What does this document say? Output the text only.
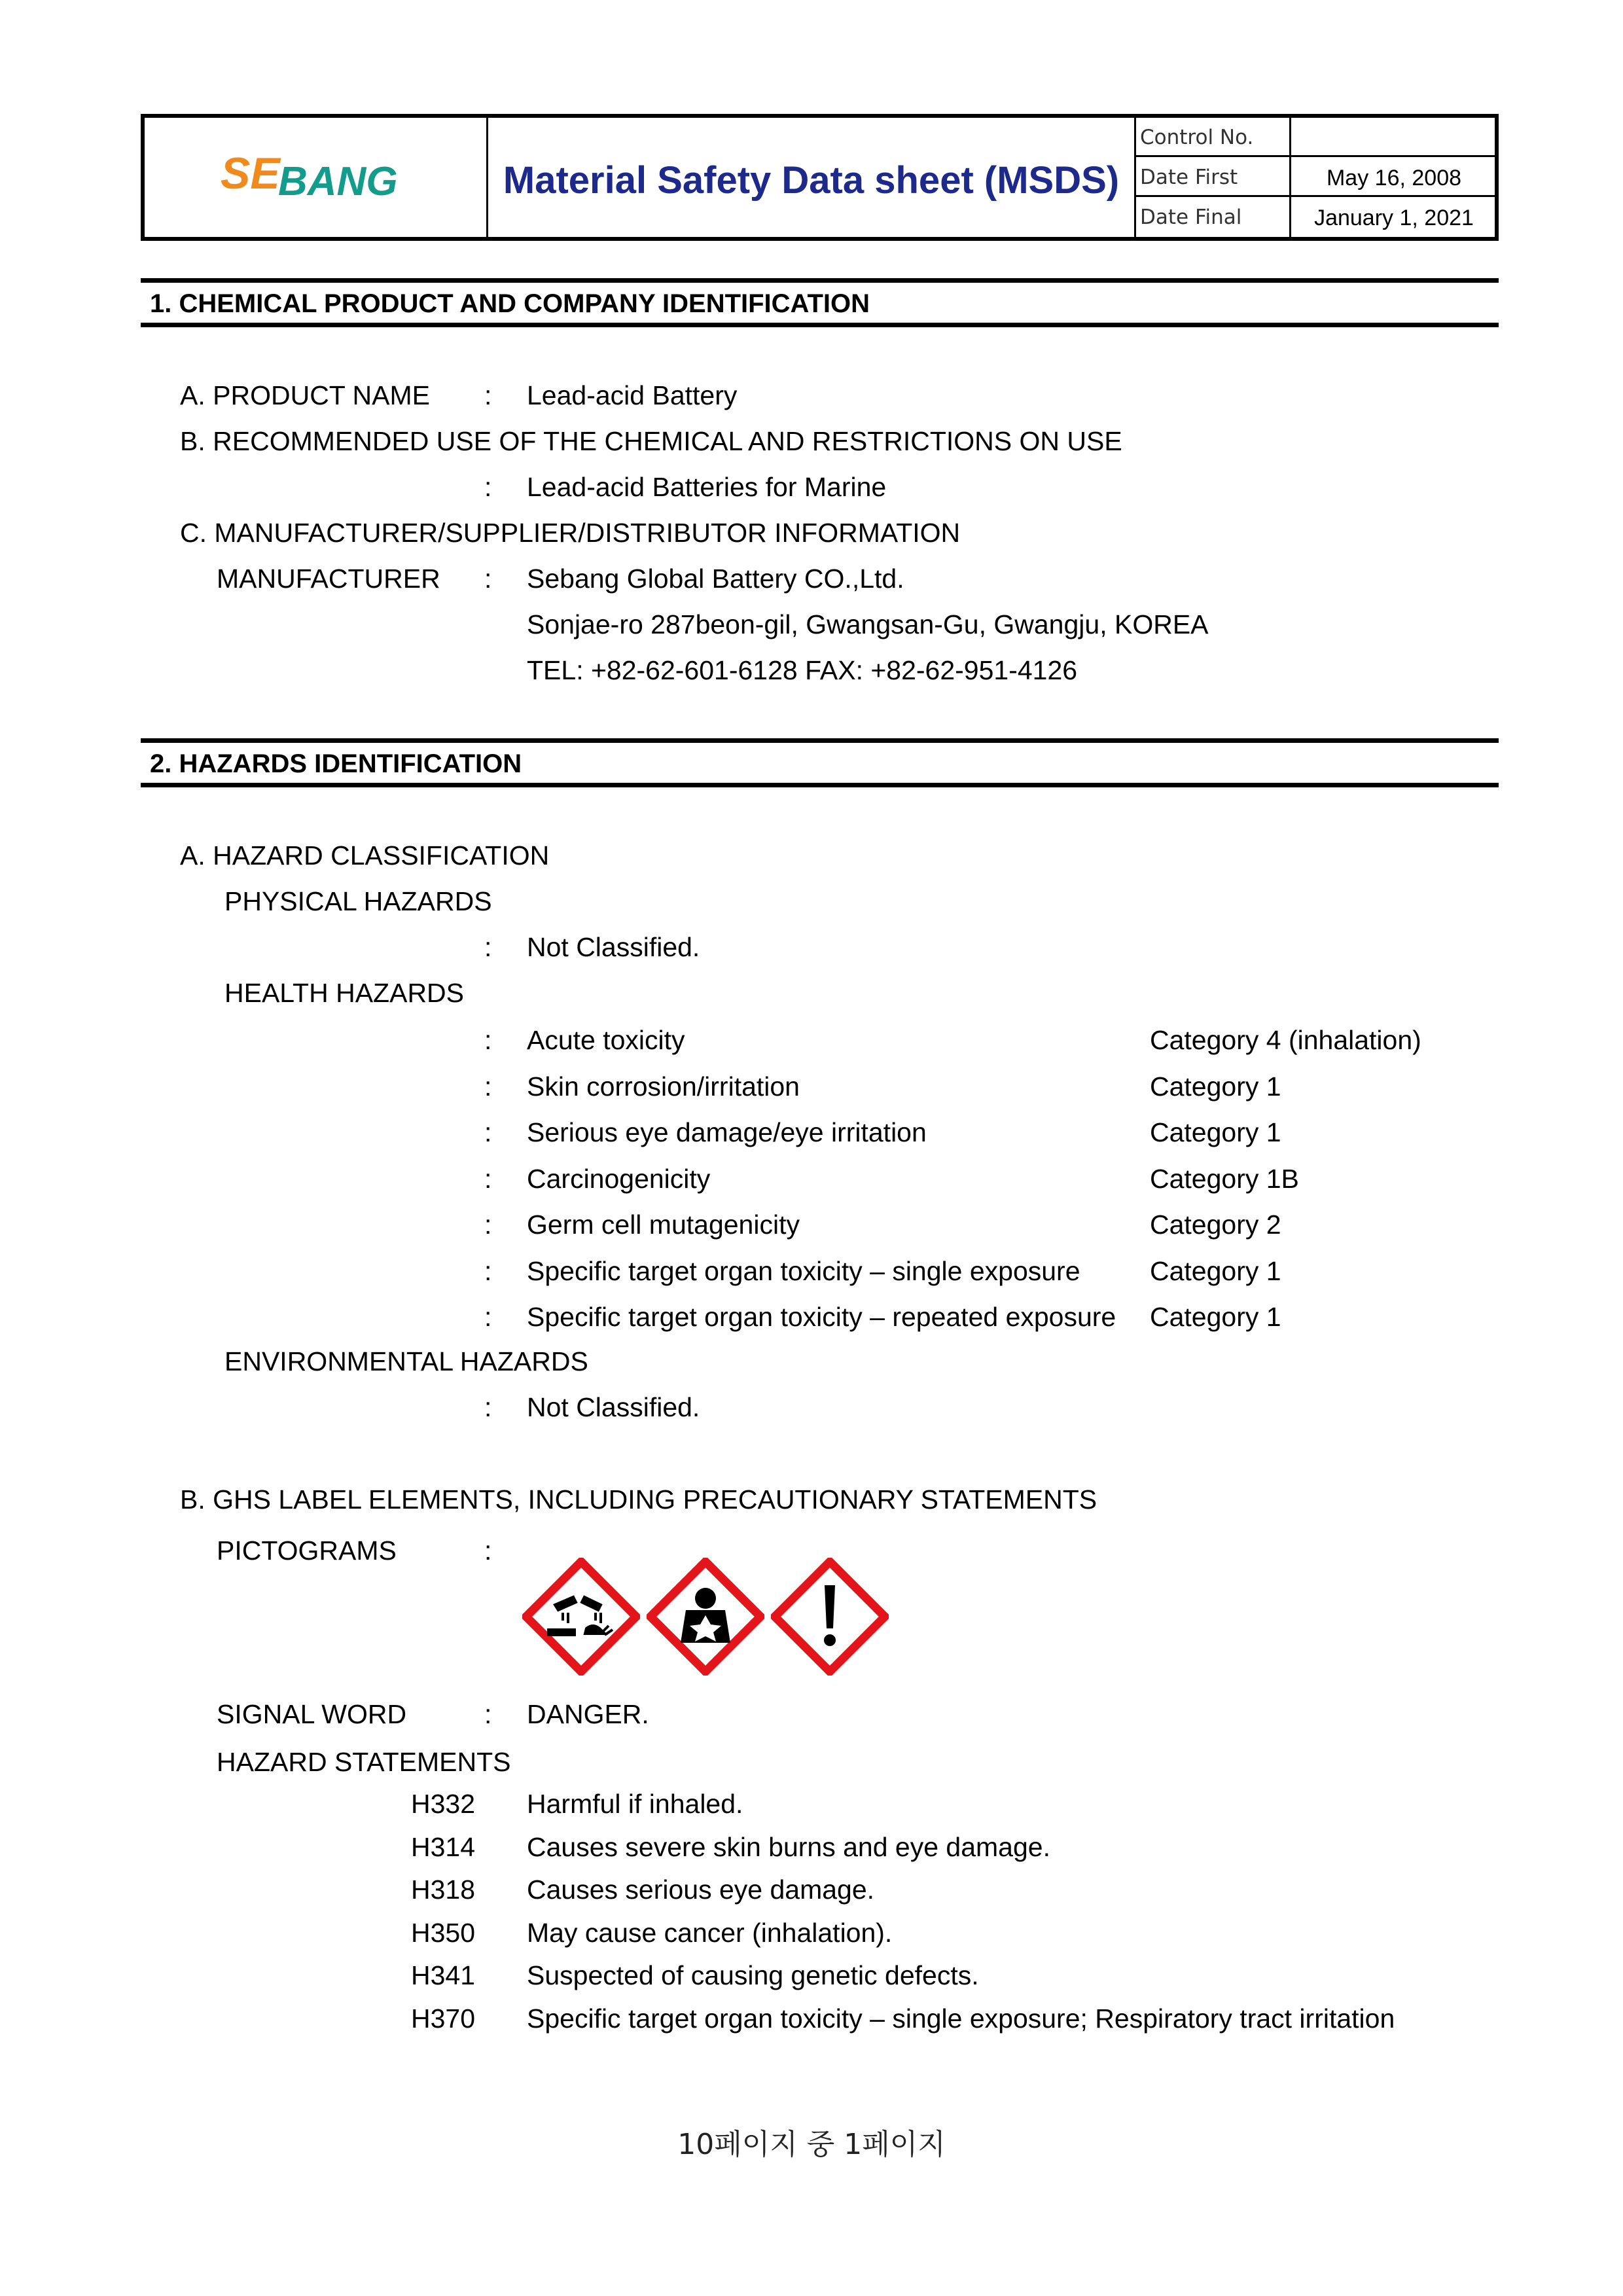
SE
BANG	Material Safety Data sheet (MSDS)
Control No.
Date First	May 16, 2008
Date Final	January 1, 2021
1. CHEMICAL PRODUCT AND COMPANY IDENTIFICATION
A. PRODUCT NAME : Lead-acid Battery
B. RECOMMENDED USE OF THE CHEMICAL AND RESTRICTIONS ON USE
: Lead-acid Batteries for Marine
C. MANUFACTURER/SUPPLIER/DISTRIBUTOR INFORMATION
MANUFACTURER : Sebang Global Battery CO.,Ltd.
Sonjae-ro 287beon-gil, Gwangsan-Gu, Gwangju, KOREA
TEL: +82-62-601-6128 FAX: +82-62-951-4126
2. HAZARDS IDENTIFICATION
A. HAZARD CLASSIFICATION
PHYSICAL HAZARDS
: Not Classified.
HEALTH HAZARDS
: Acute toxicity	Category 4 (inhalation)
: Skin corrosion/irritation	Category 1
: Serious eye damage/eye irritation	Category 1
: Carcinogenicity	Category 1B
: Germ cell mutagenicity	Category 2
: Specific target organ toxicity – single exposure	Category 1
: Specific target organ toxicity – repeated exposure Category 1
ENVIRONMENTAL HAZARDS
: Not Classified.
B. GHS LABEL ELEMENTS, INCLUDING PRECAUTIONARY STATEMENTS
PICTOGRAMS	:
SIGNAL WORD	: DANGER.
HAZARD STATEMENTS
H332 Harmful if inhaled.
H314 Causes severe skin burns and eye damage.
H318 Causes serious eye damage.
H350 May cause cancer (inhalation).
H341 Suspected of causing genetic defects.
H370 Specific target organ toxicity – single exposure; Respiratory tract irritation
10페이지 중 1페이지
